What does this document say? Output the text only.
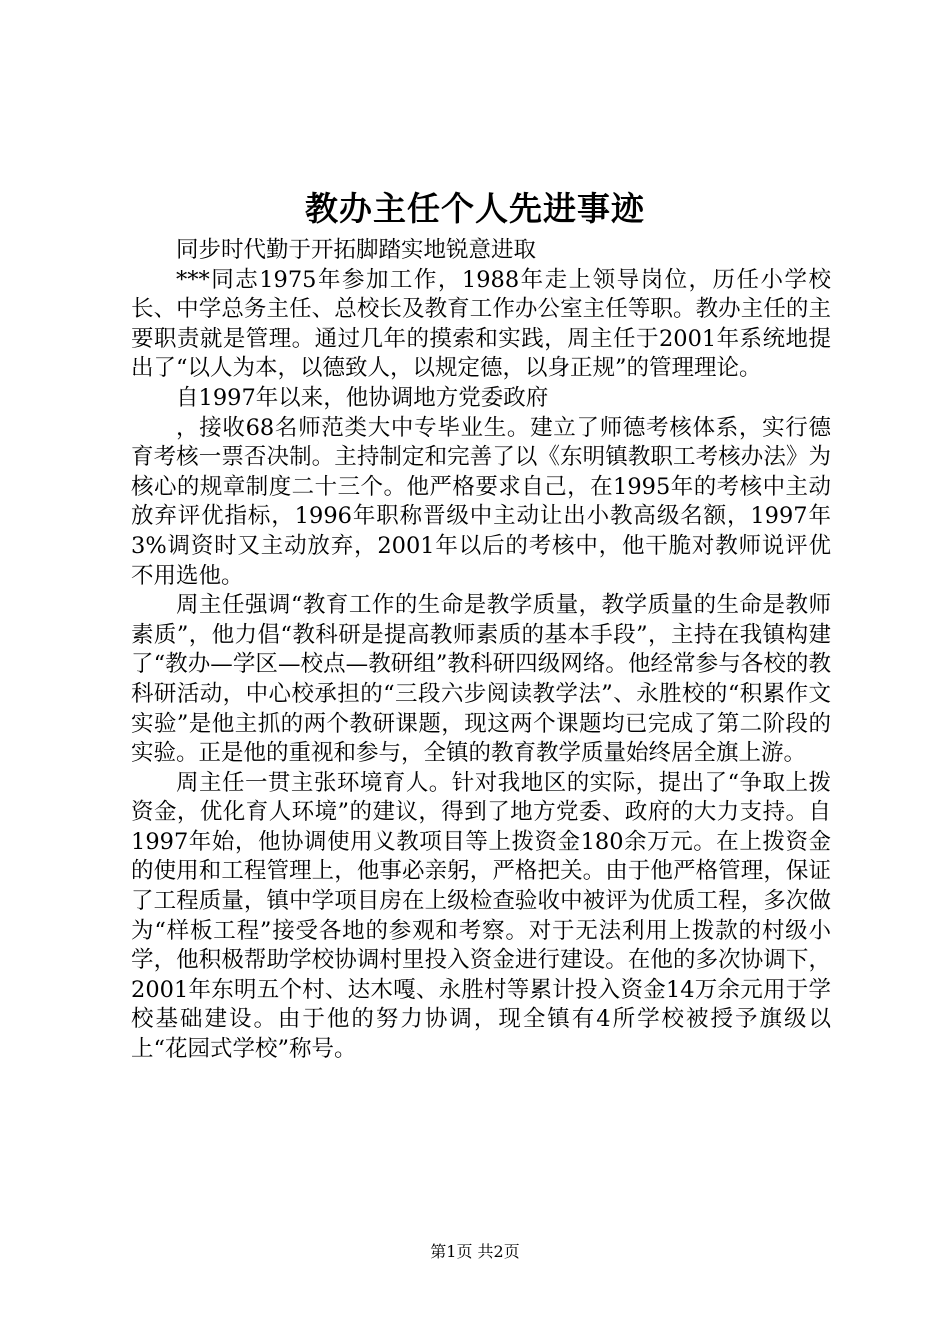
教办主任个人先进事迹

同步时代勤于开拓脚踏实地锐意进取

***同志1975年参加工作，1988年走上领导岗位，历任小学校长、中学总务主任、总校长及教育工作办公室主任等职。教办主任的主要职责就是管理。通过几年的摸索和实践，周主任于2001年系统地提出了“以人为本，以德致人，以规定德，以身正规”的管理理论。

自1997年以来，他协调地方党委政府

，接收68名师范类大中专毕业生。建立了师德考核体系，实行德育考核一票否决制。主持制定和完善了以《东明镇教职工考核办法》为核心的规章制度二十三个。他严格要求自己，在1995年的考核中主动放弃评优指标，1996年职称晋级中主动让出小教高级名额，1997年3%调资时又主动放弃，2001年以后的考核中，他干脆对教师说评优不用选他。

周主任强调“教育工作的生命是教学质量，教学质量的生命是教师素质”，他力倡“教科研是提高教师素质的基本手段”，主持在我镇构建了“教办—学区—校点—教研组”教科研四级网络。他经常参与各校的教科研活动，中心校承担的“三段六步阅读教学法”、永胜校的“积累作文实验”是他主抓的两个教研课题，现这两个课题均已完成了第二阶段的实验。正是他的重视和参与，全镇的教育教学质量始终居全旗上游。

周主任一贯主张环境育人。针对我地区的实际，提出了“争取上拨资金，优化育人环境”的建议，得到了地方党委、政府的大力支持。自1997年始，他协调使用义教项目等上拨资金180余万元。在上拨资金的使用和工程管理上，他事必亲躬，严格把关。由于他严格管理，保证了工程质量，镇中学项目房在上级检查验收中被评为优质工程，多次做为“样板工程”接受各地的参观和考察。对于无法利用上拨款的村级小学，他积极帮助学校协调村里投入资金进行建设。在他的多次协调下，2001年东明五个村、达木嘎、永胜村等累计投入资金14万余元用于学校基础建设。由于他的努力协调，现全镇有4所学校被授予旗级以上“花园式学校”称号。

第1页 共2页
